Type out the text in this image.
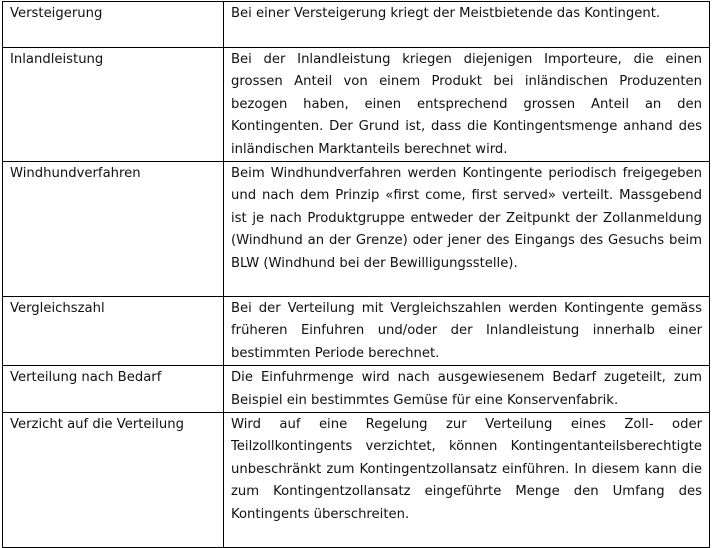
Versteigerung	Bei einer Versteigerung kriegt der Meistbietende das Kontingent.
Inlandleistung	Bei der Inlandleistung kriegen diejenigen Importeure, die einen grossen Anteil von einem Produkt bei inländischen Produzenten bezogen haben, einen entsprechend grossen Anteil an den Kontingenten. Der Grund ist, dass die Kontingentsmenge anhand des inländischen Marktanteils berechnet wird.
Windhundverfahren	Beim Windhundverfahren werden Kontingente periodisch freigegeben und nach dem Prinzip «first come, first served» verteilt. Massgebend ist je nach Produktgruppe entweder der Zeitpunkt der Zollanmeldung (Windhund an der Grenze) oder jener des Eingangs des Gesuchs beim BLW (Windhund bei der Bewilligungsstelle).
Vergleichszahl	Bei der Verteilung mit Vergleichszahlen werden Kontingente gemäss früheren Einfuhren und/oder der Inlandleistung innerhalb einer bestimmten Periode berechnet.
Verteilung nach Bedarf	Die Einfuhrmenge wird nach ausgewiesenem Bedarf zugeteilt, zum Beispiel ein bestimmtes Gemüse für eine Konservenfabrik.
Verzicht auf die Verteilung	Wird auf eine Regelung zur Verteilung eines Zoll- oder Teilzollkontingents verzichtet, können Kontingentanteilsberechtigte unbeschränkt zum Kontingentzollansatz einführen. In diesem kann die zum Kontingentzollansatz eingeführte Menge den Umfang des Kontingents überschreiten.
